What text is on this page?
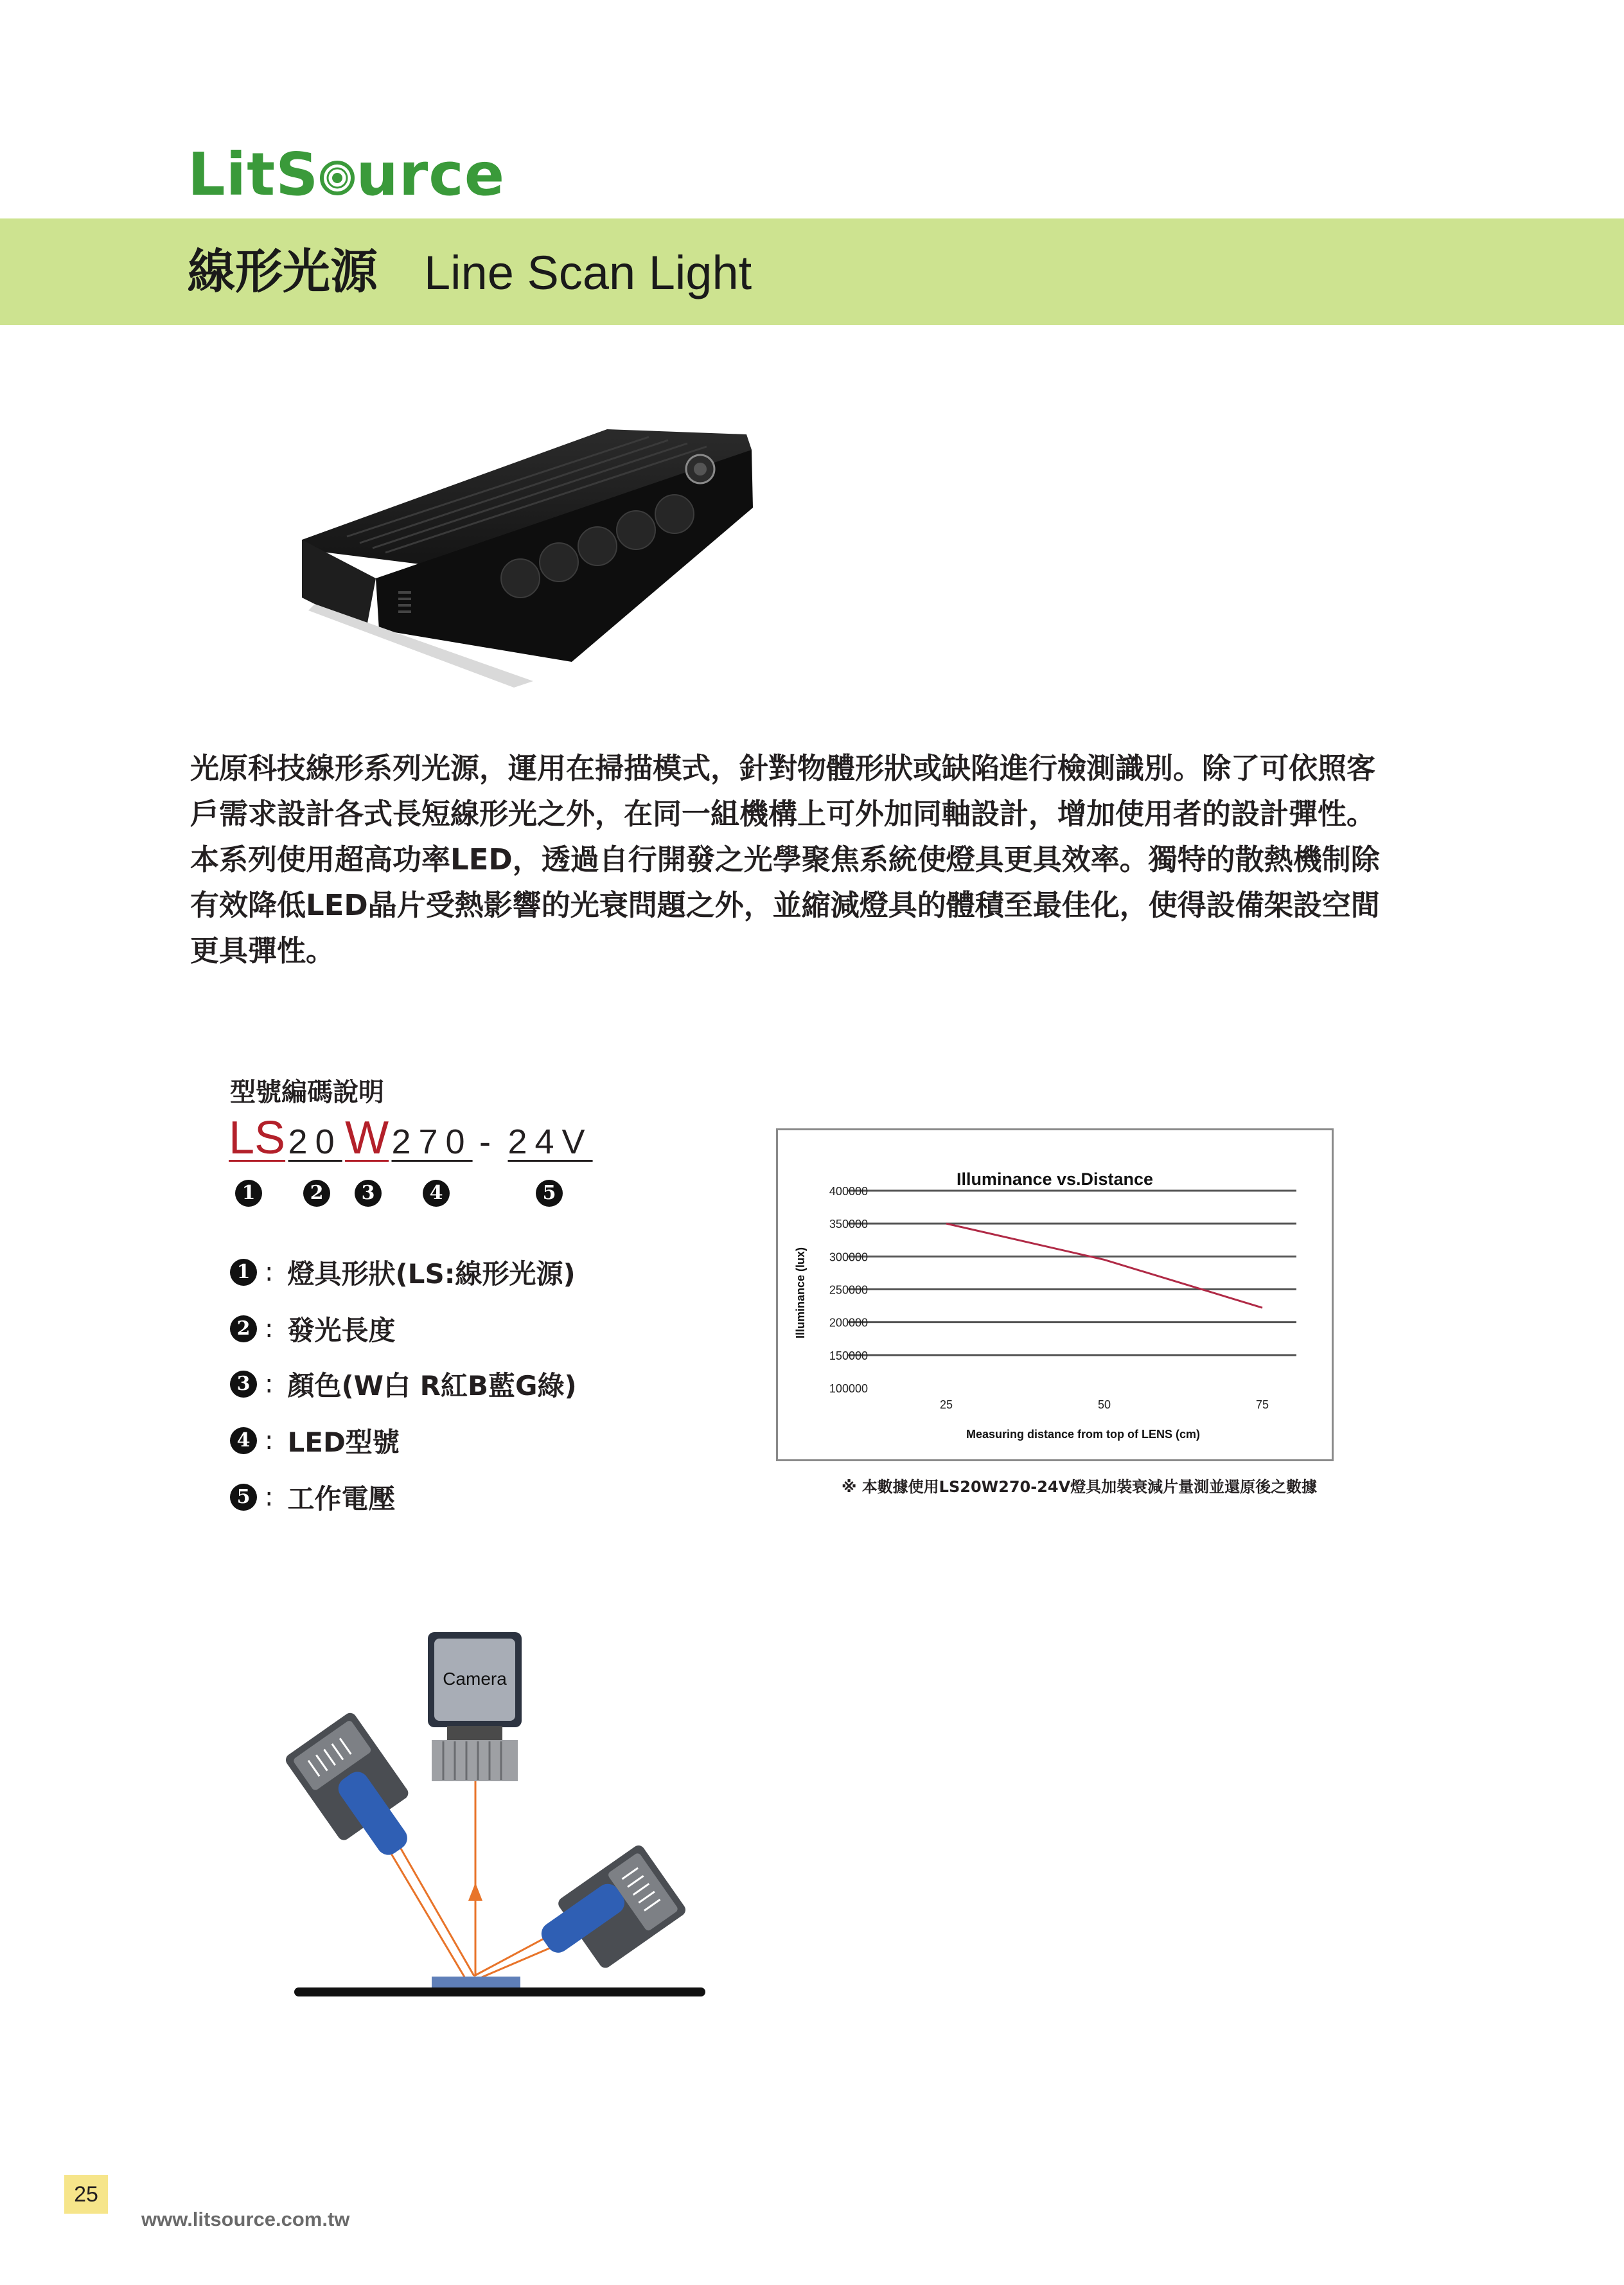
LitS urce
線形光源 Line Scan Light

光原科技線形系列光源，運用在掃描模式，針對物體形狀或缺陷進行檢測識別。除了可依照客

戶需求設計各式長短線形光之外，在同一組機構上可外加同軸設計，增加使用者的設計彈性。

本系列使用超高功率LED，透過自行開發之光學聚焦系統使燈具更具效率。獨特的散熱機制除

有效降低LED晶片受熱影響的光衰問題之外，並縮減燈具的體積至最佳化，使得設備架設空間

更具彈性。

型號編碼說明
LS 20 W 270 - 24V
1	2	3	4	5
1 : 燈具形狀(LS:線形光源)
2 : 發光長度
3 : 顏色(W白 R紅B藍G綠)
4 : LED型號
5 : 工作電壓
Illuminance vs.Distance
100000
150000
200000
250000
300000
350000
400000
25	50	75
Illuminance (lux)
Measuring distance from top of LENS (cm)
※ 本數據使用LS20W270-24V燈具加裝衰減片量測並還原後之數據
Camera
25
www.litsource.com.tw
